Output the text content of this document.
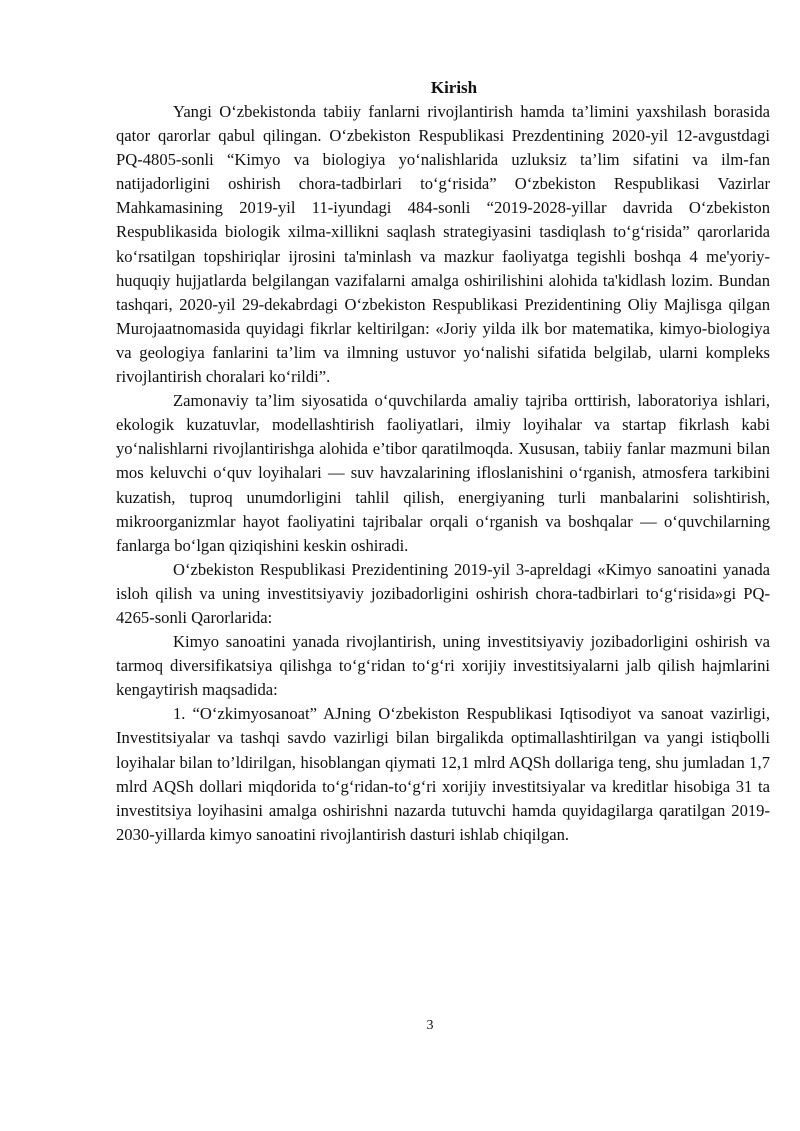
Kirish

Yangi O‘zbekistonda tabiiy fanlarni rivojlantirish hamda ta’limini yaxshilash borasida qator qarorlar qabul qilingan. O‘zbekiston Respublikasi Prezdentining 2020-yil 12-avgustdagi PQ-4805-sonli “Kimyo va biologiya yo‘nalishlarida uzluksiz ta’lim sifatini va ilm-fan natijadorligini oshirish chora-tadbirlari to‘g‘risida” O‘zbekiston Respublikasi Vazirlar Mahkamasining 2019-yil 11-iyundagi 484-sonli “2019-2028-yillar davrida O‘zbekiston Respublikasida biologik xilma-xillikni saqlash strategiyasini tasdiqlash to‘g‘risida” qarorlarida ko‘rsatilgan topshiriqlar ijrosini ta'minlash va mazkur faoliyatga tegishli boshqa 4 me'yoriy-huquqiy hujjatlarda belgilangan vazifalarni amalga oshirilishini alohida ta'kidlash lozim. Bundan tashqari, 2020-yil 29-dekabrdagi O‘zbekiston Respublikasi Prezidentining Oliy Majlisga qilgan Murojaatnomasida quyidagi fikrlar keltirilgan: «Joriy yilda ilk bor matematika, kimyo-biologiya va geologiya fanlarini ta’lim va ilmning ustuvor yo‘nalishi sifatida belgilab, ularni kompleks rivojlantirish choralari ko‘rildi”.

Zamonaviy ta’lim siyosatida o‘quvchilarda amaliy tajriba orttirish, laboratoriya ishlari, ekologik kuzatuvlar, modellashtirish faoliyatlari, ilmiy loyihalar va startap fikrlash kabi yo‘nalishlarni rivojlantirishga alohida e’tibor qaratilmoqda. Xususan, tabiiy fanlar mazmuni bilan mos keluvchi o‘quv loyihalari — suv havzalarining ifloslanishini o‘rganish, atmosfera tarkibini kuzatish, tuproq unumdorligini tahlil qilish, energiyaning turli manbalarini solishtirish, mikroorganizmlar hayot faoliyatini tajribalar orqali o‘rganish va boshqalar — o‘quvchilarning fanlarga bo‘lgan qiziqishini keskin oshiradi.

O‘zbekiston Respublikasi Prezidentining 2019-yil 3-apreldagi «Kimyo sanoatini yanada isloh qilish va uning investitsiyaviy jozibadorligini oshirish chora-tadbirlari to‘g‘risida»gi PQ-4265-sonli Qarorlarida:

Kimyo sanoatini yanada rivojlantirish, uning investitsiyaviy jozibadorligini oshirish va tarmoq diversifikatsiya qilishga to‘g‘ridan to‘g‘ri xorijiy investitsiyalarni jalb qilish hajmlarini kengaytirish maqsadida:

1. “O‘zkimyosanoat” AJning O‘zbekiston Respublikasi Iqtisodiyot va sanoat vazirligi, Investitsiyalar va tashqi savdo vazirligi bilan birgalikda optimallashtirilgan va yangi istiqbolli loyihalar bilan to’ldirilgan, hisoblangan qiymati 12,1 mlrd AQSh dollariga teng, shu jumladan 1,7 mlrd AQSh dollari miqdorida to‘g‘ridan-to‘g‘ri xorijiy investitsiyalar va kreditlar hisobiga 31 ta investitsiya loyihasini amalga oshirishni nazarda tutuvchi hamda quyidagilarga qaratilgan 2019-2030-yillarda kimyo sanoatini rivojlantirish dasturi ishlab chiqilgan.

3
